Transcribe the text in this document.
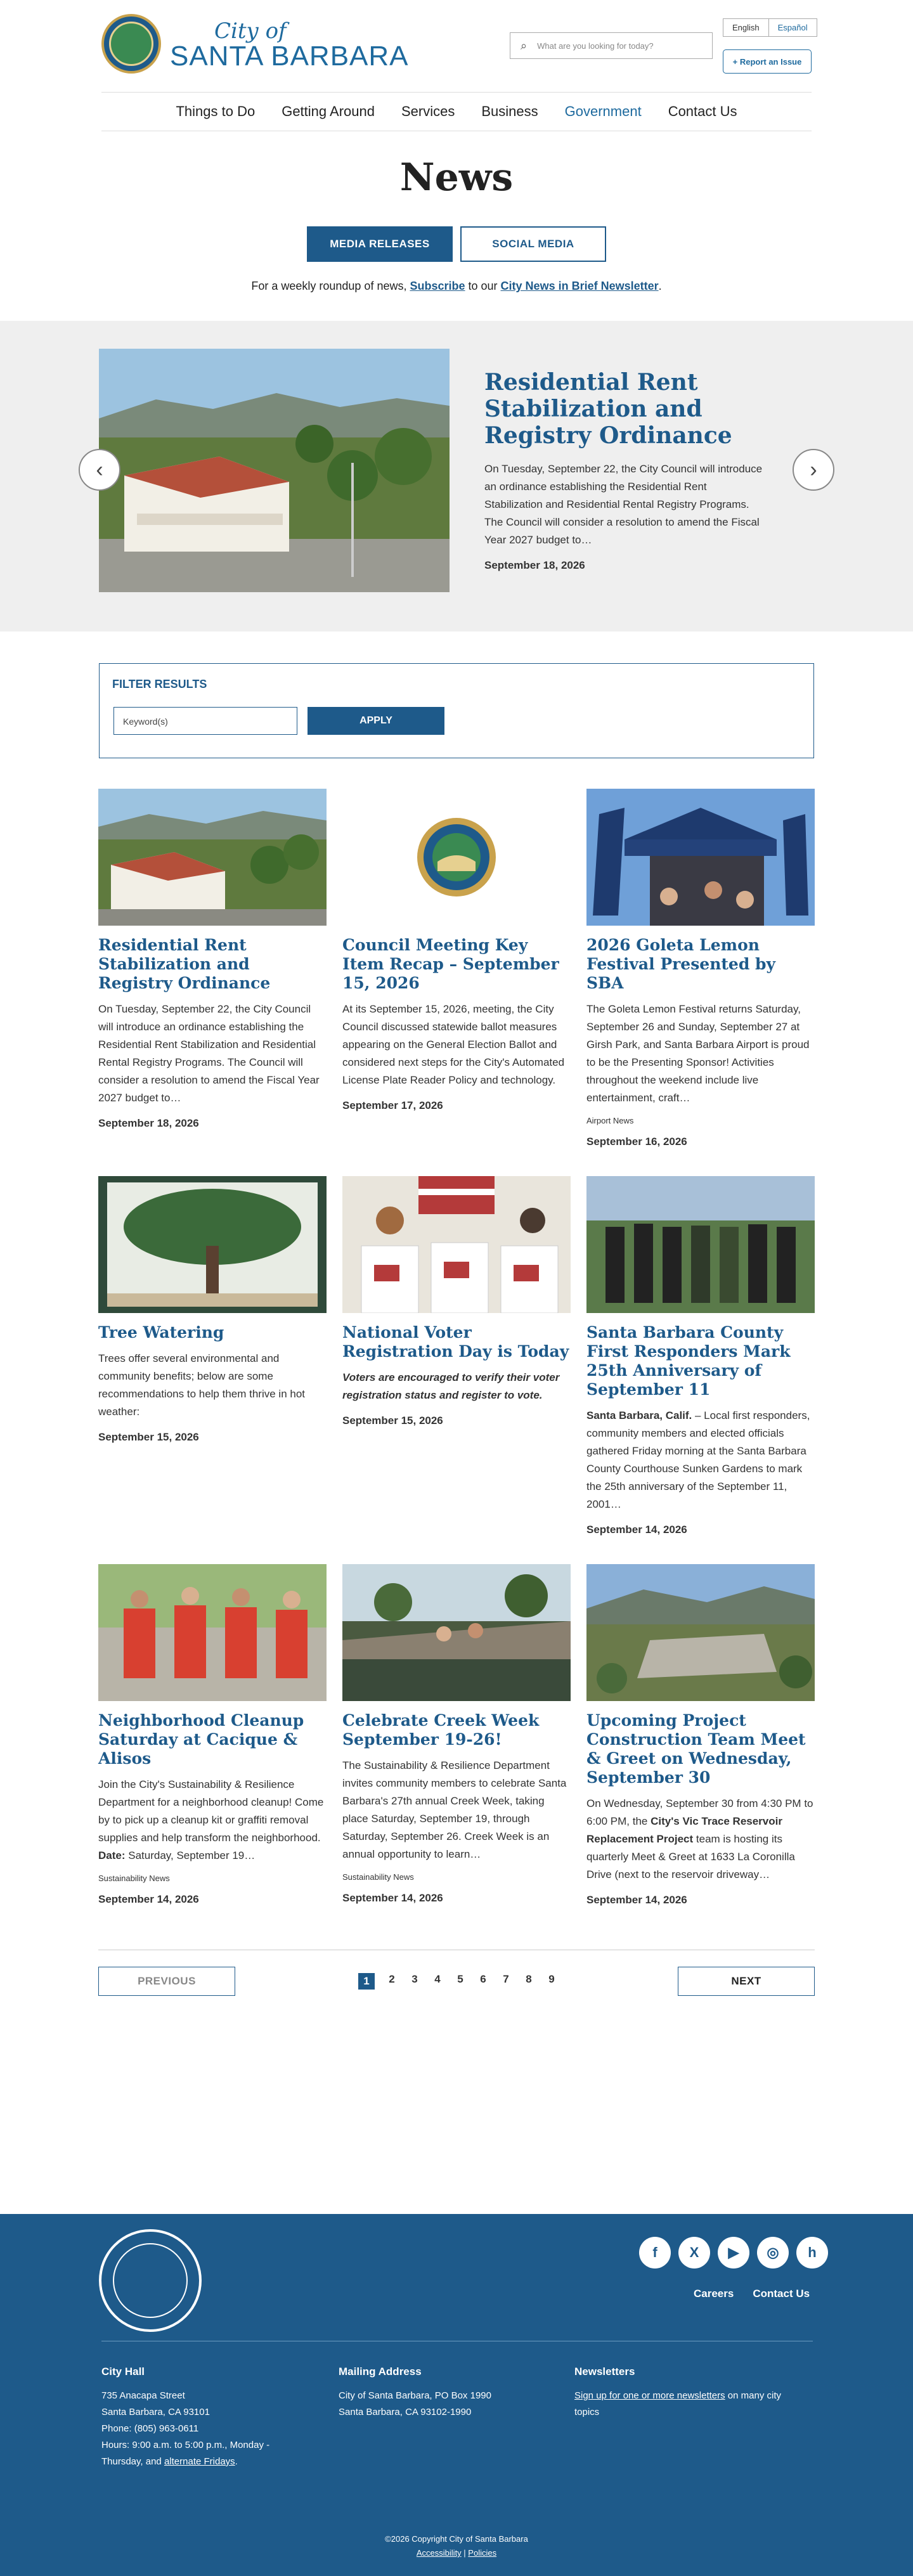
City of
SANTA BARBARA	⌕ What are you looking for today?
English	Español
+ Report an Issue
Things to Do Getting Around Services Business Government Contact Us
News
MEDIA RELEASES	SOCIAL MEDIA

For a weekly roundup of news, Subscribe to our City News in Brief Newsletter.

Residential Rent Stabilization and Registry Ordinance

On Tuesday, September 22, the City Council will introduce an ordinance establishing the Residential Rent Stabilization and Residential Rental Registry Programs. The Council will consider a resolution to amend the Fiscal Year 2027 budget to…

September 18, 2026

‹	›
FILTER RESULTS
Keyword(s)	APPLY
Residential Rent Stabilization and Registry Ordinance

On Tuesday, September 22, the City Council will introduce an ordinance establishing the Residential Rent Stabilization and Residential Rental Registry Programs. The Council will consider a resolution to amend the Fiscal Year 2027 budget to…

September 18, 2026

Council Meeting Key Item Recap – September 15, 2026

At its September 15, 2026, meeting, the City Council discussed statewide ballot measures appearing on the General Election Ballot and considered next steps for the City's Automated License Plate Reader Policy and technology.

September 17, 2026

2026 Goleta Lemon Festival Presented by SBA

The Goleta Lemon Festival returns Saturday, September 26 and Sunday, September 27 at Girsh Park, and Santa Barbara Airport is proud to be the Presenting Sponsor! Activities throughout the weekend include live entertainment, craft…

Airport News

September 16, 2026

Tree Watering

Trees offer several environmental and community benefits; below are some recommendations to help them thrive in hot weather:

September 15, 2026

National Voter Registration Day is Today

Voters are encouraged to verify their voter registration status and register to vote.

September 15, 2026

Santa Barbara County First Responders Mark 25th Anniversary of September 11

Santa Barbara, Calif. – Local first responders, community members and elected officials gathered Friday morning at the Santa Barbara County Courthouse Sunken Gardens to mark the 25th anniversary of the September 11, 2001…

September 14, 2026

Neighborhood Cleanup Saturday at Cacique & Alisos

Join the City's Sustainability & Resilience Department for a neighborhood cleanup! Come by to pick up a cleanup kit or graffiti removal supplies and help transform the neighborhood. Date: Saturday, September 19…

Sustainability News

September 14, 2026

Celebrate Creek Week September 19-26!

The Sustainability & Resilience Department invites community members to celebrate Santa Barbara's 27th annual Creek Week, taking place Saturday, September 19, through Saturday, September 26. Creek Week is an annual opportunity to learn…

Sustainability News

September 14, 2026

Upcoming Project Construction Team Meet & Greet on Wednesday, September 30

On Wednesday, September 30 from 4:30 PM to 6:00 PM, the City's Vic Trace Reservoir Replacement Project team is hosting its quarterly Meet & Greet at 1633 La Coronilla Drive (next to the reservoir driveway…

September 14, 2026

PREVIOUS	1	2 3 4 5 6 7 8 9	NEXT
f	X	▶	◎	h
Careers Contact Us
City Hall
735 Anacapa Street
Santa Barbara, CA 93101
Phone: (805) 963-0611
Hours: 9:00 a.m. to 5:00 p.m., Monday -
Thursday, and alternate Fridays.
Mailing Address
City of Santa Barbara, PO Box 1990
Santa Barbara, CA 93102-1990
Newsletters
Sign up for one or more newsletters on many city topics
©2026 Copyright City of Santa Barbara
Accessibility | Policies
